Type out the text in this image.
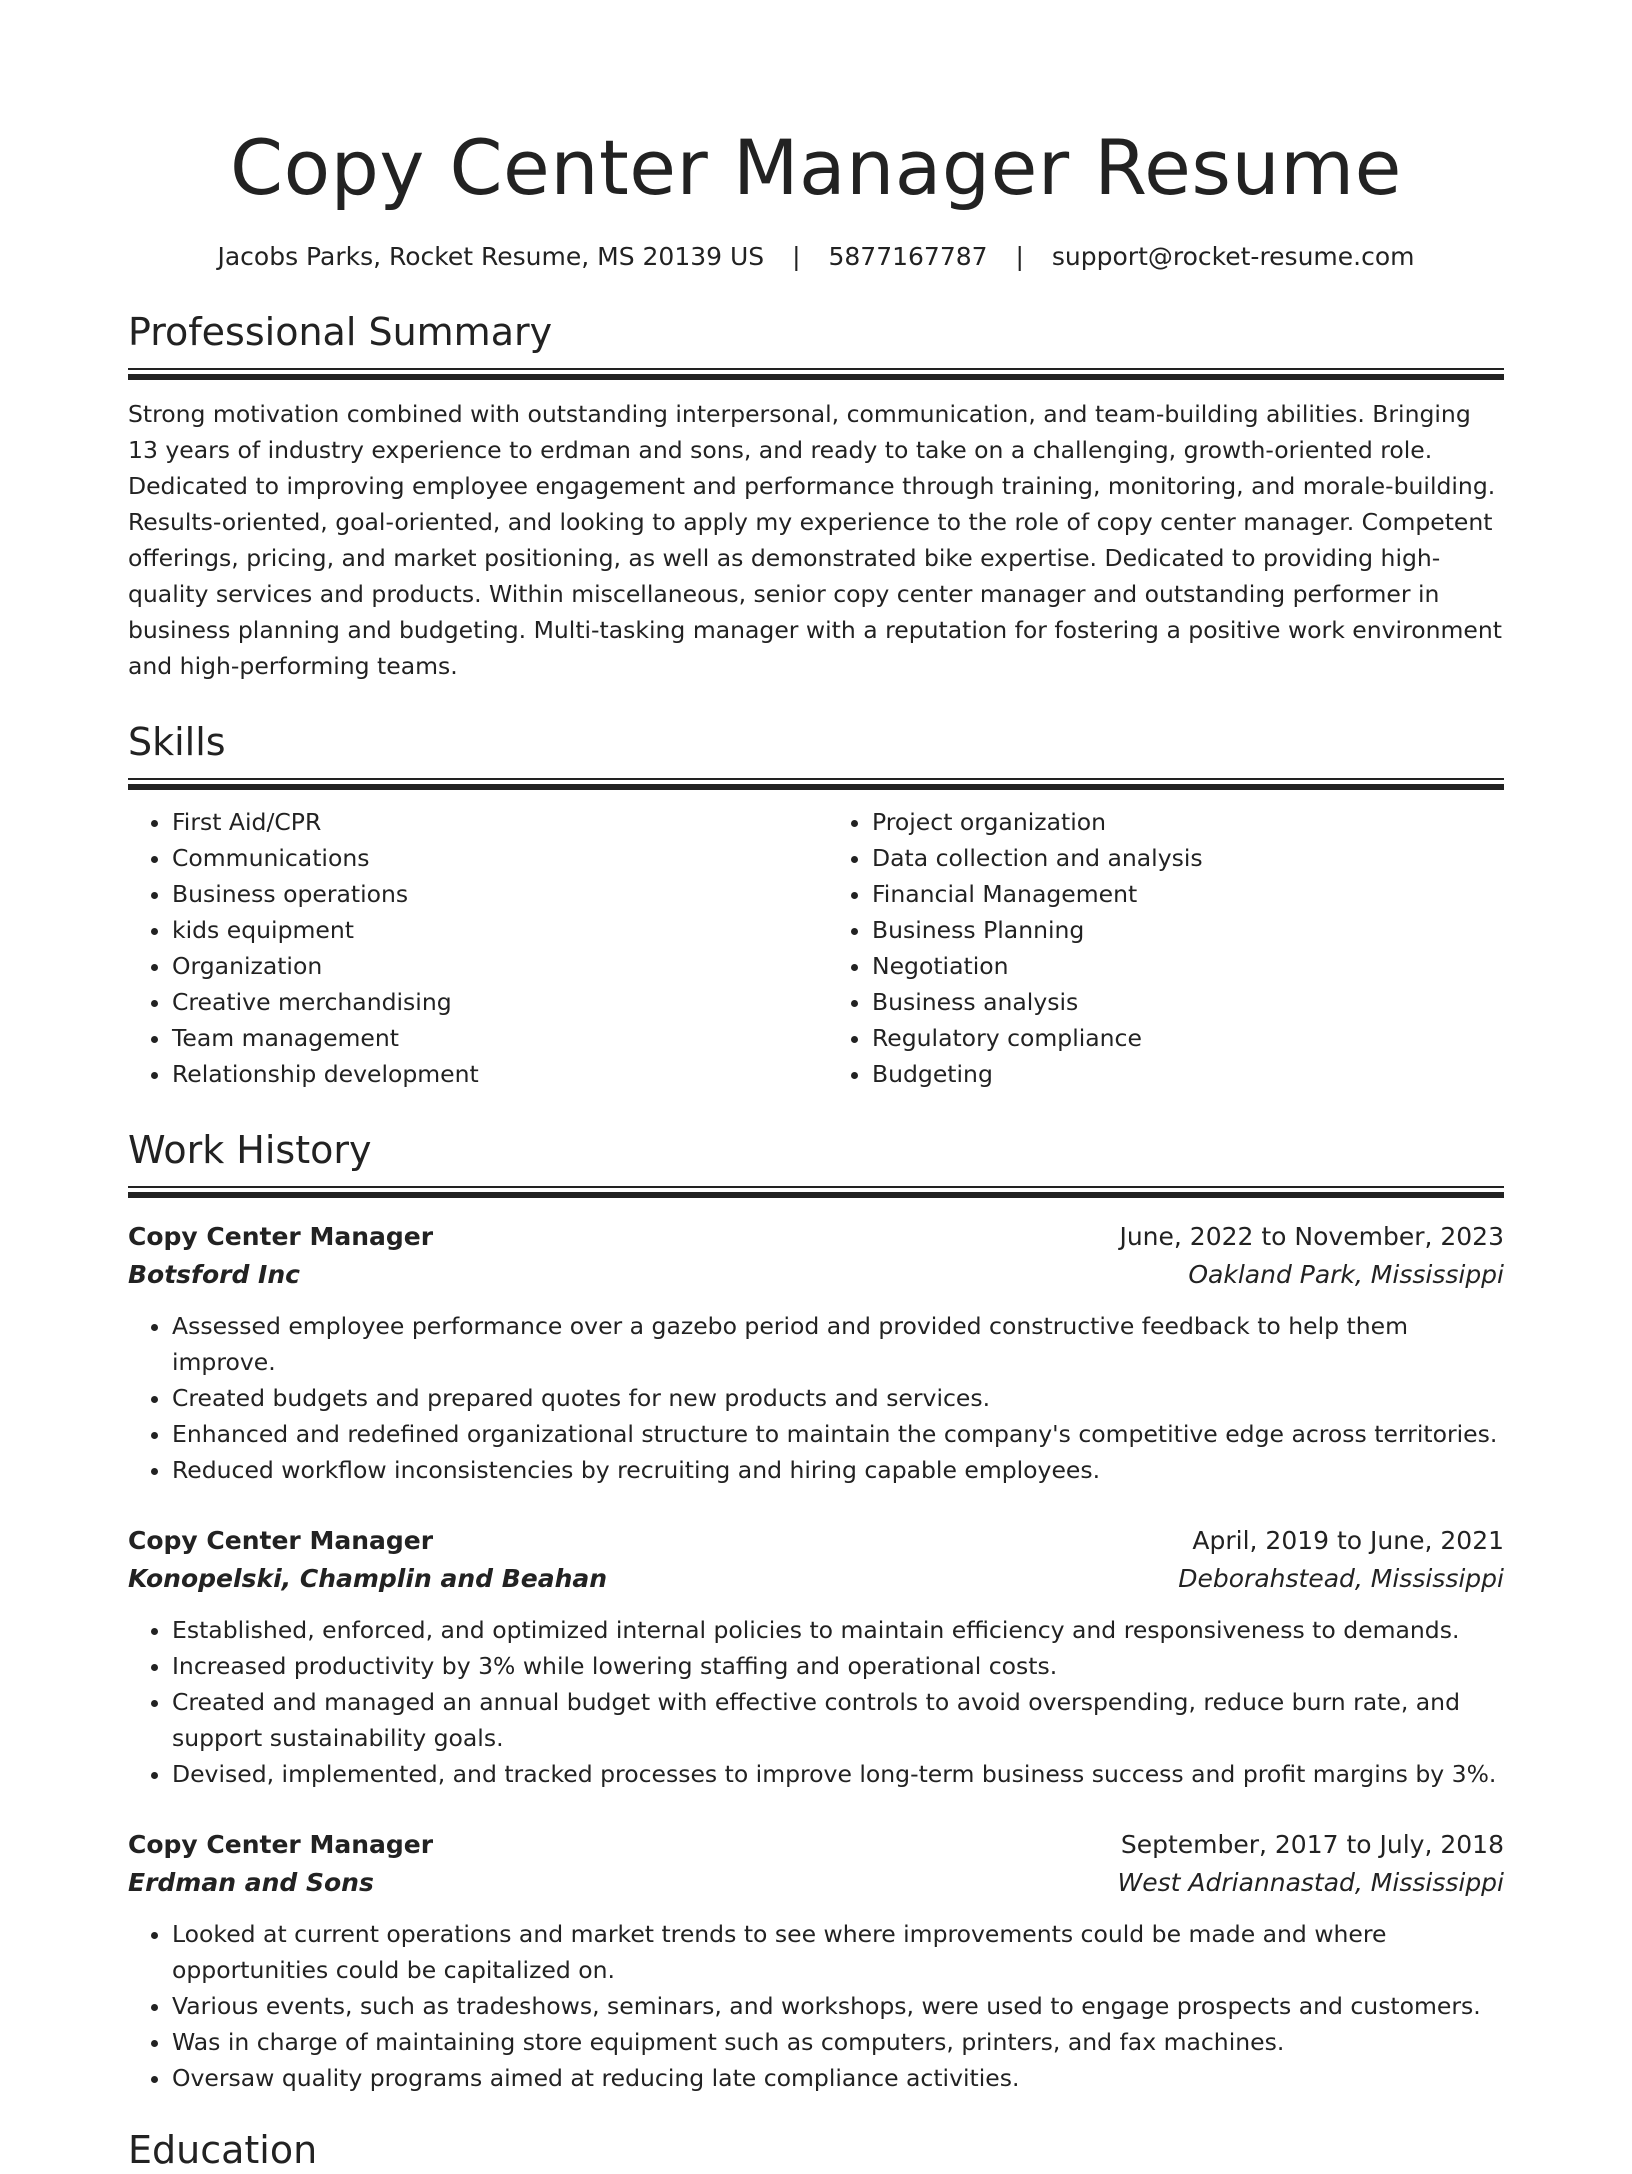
Copy Center Manager Resume
Jacobs Parks, Rocket Resume, MS 20139 US | 5877167787 | support@rocket-resume.com
Professional Summary

Strong motivation combined with outstanding interpersonal, communication, and team-building abilities. Bringing 13 years of industry experience to erdman and sons, and ready to take on a challenging, growth-oriented role. Dedicated to improving employee engagement and performance through training, monitoring, and morale-building. Results-oriented, goal-oriented, and looking to apply my experience to the role of copy center manager. Competent offerings, pricing, and market positioning, as well as demonstrated bike expertise. Dedicated to providing high-quality services and products. Within miscellaneous, senior copy center manager and outstanding performer in business planning and budgeting. Multi-tasking manager with a reputation for fostering a positive work environment and high-performing teams.

Skills
• First Aid/CPR
• Communications
• Business operations
• kids equipment
• Organization
• Creative merchandising
• Team management
• Relationship development
• Project organization
• Data collection and analysis
• Financial Management
• Business Planning
• Negotiation
• Business analysis
• Regulatory compliance
• Budgeting
Work History
Copy Center Manager	June, 2022 to November, 2023
Botsford Inc	Oakland Park, Mississippi
• Assessed employee performance over a gazebo period and provided constructive feedback to help them improve.
• Created budgets and prepared quotes for new products and services.
• Enhanced and redefined organizational structure to maintain the company's competitive edge across territories.
• Reduced workflow inconsistencies by recruiting and hiring capable employees.
Copy Center Manager	April, 2019 to June, 2021
Konopelski, Champlin and Beahan	Deborahstead, Mississippi
• Established, enforced, and optimized internal policies to maintain efficiency and responsiveness to demands.
• Increased productivity by 3% while lowering staffing and operational costs.
• Created and managed an annual budget with effective controls to avoid overspending, reduce burn rate, and support sustainability goals.
• Devised, implemented, and tracked processes to improve long-term business success and profit margins by 3%.
Copy Center Manager	September, 2017 to July, 2018
Erdman and Sons	West Adriannastad, Mississippi
• Looked at current operations and market trends to see where improvements could be made and where opportunities could be capitalized on.
• Various events, such as tradeshows, seminars, and workshops, were used to engage prospects and customers.
• Was in charge of maintaining store equipment such as computers, printers, and fax machines.
• Oversaw quality programs aimed at reducing late compliance activities.
Education
